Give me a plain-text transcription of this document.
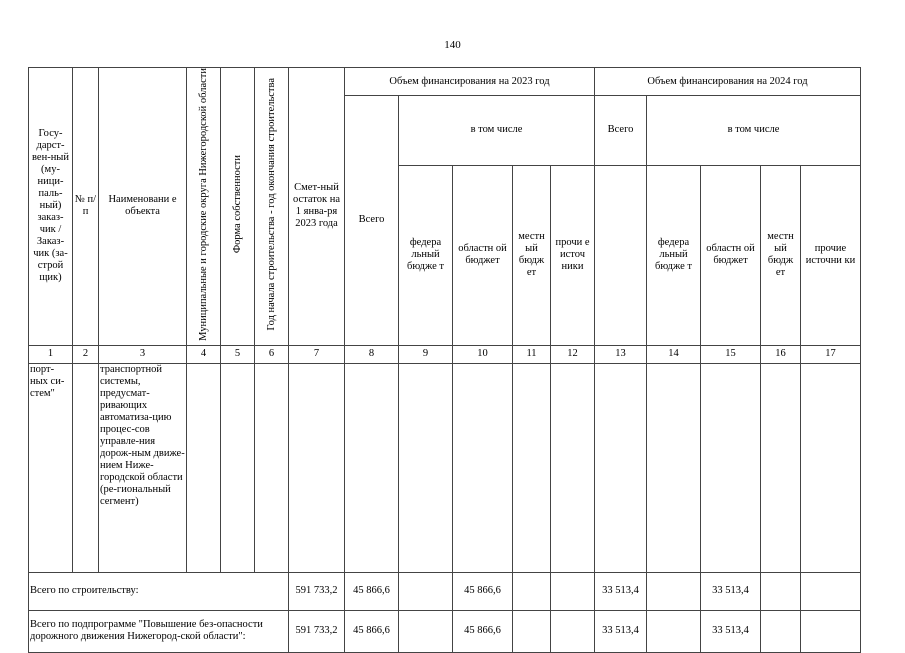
140
Госу-дарст-вен-ный (му-ници-паль-ный) заказ-чик / Заказ-чик (за-строй щик)	№ п/п	Наименовани е объекта	Муниципальные и городские округа Нижегородской области	Форма собственности	Год начала строительства - год окончания строительства	Смет-ный остаток на 1 янва-ря 2023 года	Объем финансирования на 2023 год					Объем финансирования на 2024 год				
							Всего	в том числе				Всего	в том числе			
								федера льный бюдже т	областн ой бюджет	местн ый бюдж ет	прочи е источ ники		федера льный бюдже т	областн ой бюджет	местн ый бюдж ет	прочие источни ки
1	2	3	4	5	6	7	8	9	10	11	12	13	14	15	16	17
порт-ных си-стем"		транспортной системы, предусмат-ривающих автоматиза-цию процес-сов управле-ния дорож-ным движе-нием Ниже-городской области (ре-гиональный сегмент)														
Всего по строительству:						591 733,2	45 866,6		45 866,6			33 513,4		33 513,4		
Всего по подпрограмме "Повышение без-опасности дорожного движения Нижегород-ской области":						591 733,2	45 866,6		45 866,6			33 513,4		33 513,4		
